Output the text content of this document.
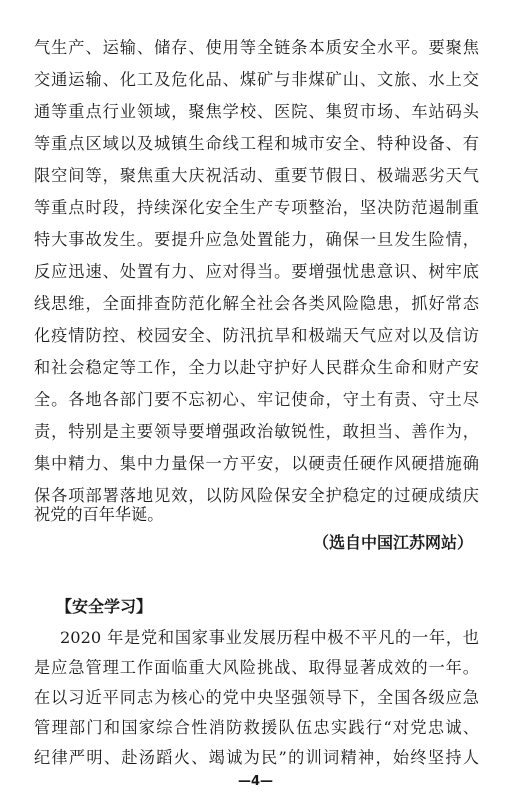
气生产、运输、储存、使用等全链条本质安全水平。要聚焦
交通运输、化工及危化品、煤矿与非煤矿山、文旅、水上交
通等重点行业领域，聚焦学校、医院、集贸市场、车站码头
等重点区域以及城镇生命线工程和城市安全、特种设备、有
限空间等，聚焦重大庆祝活动、重要节假日、极端恶劣天气
等重点时段，持续深化安全生产专项整治，坚决防范遏制重
特大事故发生。要提升应急处置能力，确保一旦发生险情，
反应迅速、处置有力、应对得当。要增强忧患意识、树牢底
线思维，全面排查防范化解全社会各类风险隐患，抓好常态
化疫情防控、校园安全、防汛抗旱和极端天气应对以及信访
和社会稳定等工作，全力以赴守护好人民群众生命和财产安
全。各地各部门要不忘初心、牢记使命，守土有责、守土尽
责，特别是主要领导要增强政治敏锐性，敢担当、善作为，
集中精力、集中力量保一方平安，以硬责任硬作风硬措施确
保各项部署落地见效，以防风险保安全护稳定的过硬成绩庆
祝党的百年华诞。
（选自中国江苏网站）
【安全学习】
2020 年是党和国家事业发展历程中极不平凡的一年，也
是应急管理工作面临重大风险挑战、取得显著成效的一年。
在以习近平同志为核心的党中央坚强领导下，全国各级应急
管理部门和国家综合性消防救援队伍忠实践行“对党忠诚、
纪律严明、赴汤蹈火、竭诚为民”的训词精神，始终坚持人
—4—
